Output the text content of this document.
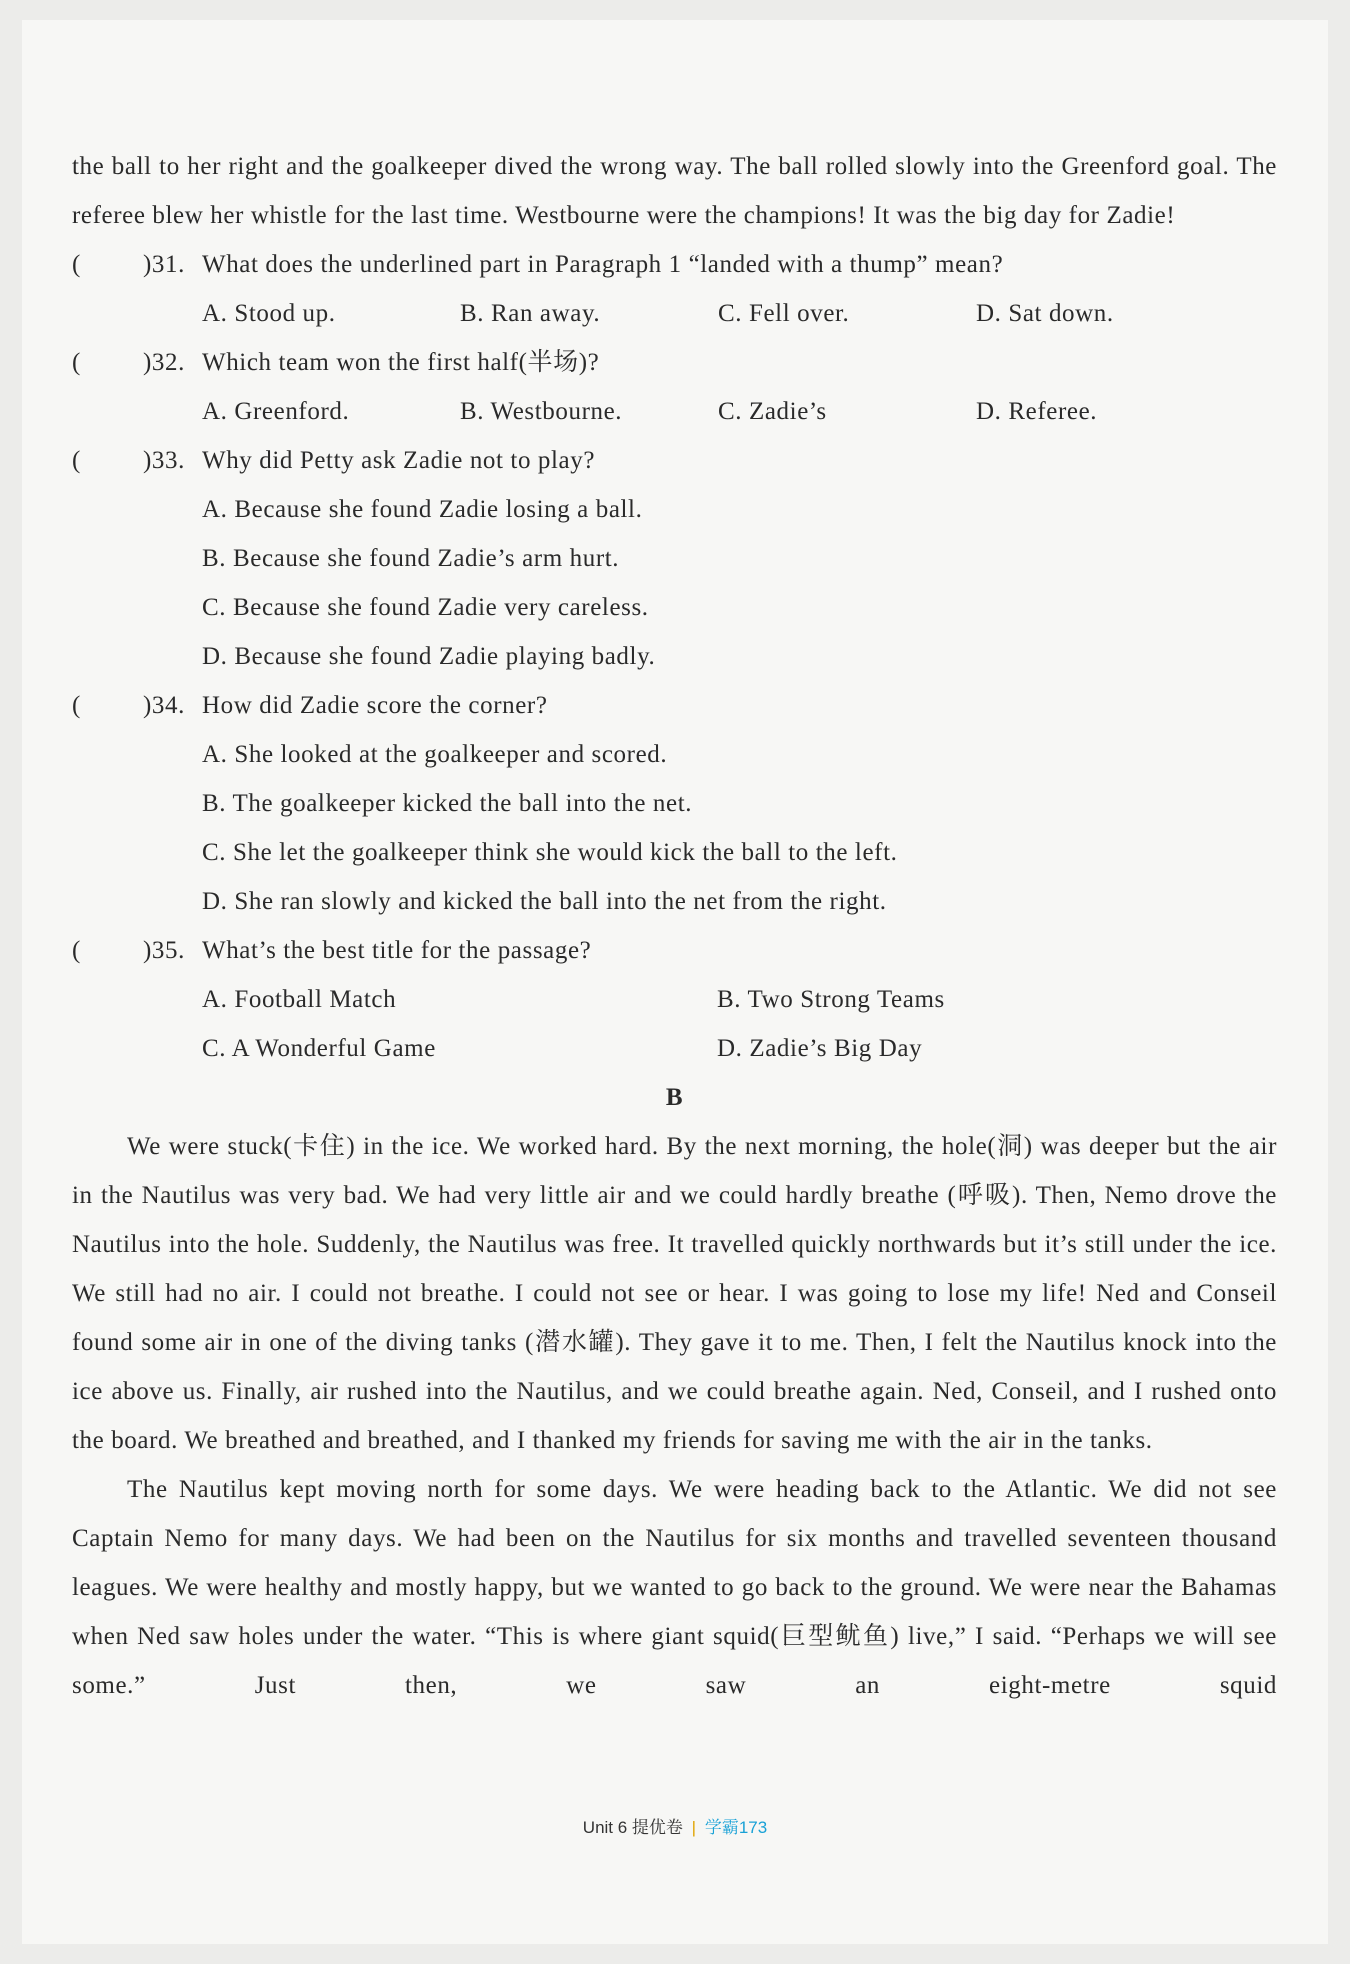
the ball to her right and the goalkeeper dived the wrong way. The ball rolled slowly into the Greenford goal. The referee blew her whistle for the last time. Westbourne were the champions! It was the big day for Zadie!
( )31. What does the underlined part in Paragraph 1 “landed with a thump” mean?
A. Stood up.	B. Ran away.	C. Fell over.	D. Sat down.
( )32. Which team won the first half(半场)?
A. Greenford.	B. Westbourne.	C. Zadie’s	D. Referee.
( )33. Why did Petty ask Zadie not to play?
A. Because she found Zadie losing a ball.
B. Because she found Zadie’s arm hurt.
C. Because she found Zadie very careless.
D. Because she found Zadie playing badly.
( )34. How did Zadie score the corner?
A. She looked at the goalkeeper and scored.
B. The goalkeeper kicked the ball into the net.
C. She let the goalkeeper think she would kick the ball to the left.
D. She ran slowly and kicked the ball into the net from the right.
( )35. What’s the best title for the passage?
A. Football Match	B. Two Strong Teams
C. A Wonderful Game	D. Zadie’s Big Day
B
We were stuck(卡住) in the ice. We worked hard. By the next morning, the hole(洞) was deeper but the air in the Nautilus was very bad. We had very little air and we could hardly breathe (呼吸). Then, Nemo drove the Nautilus into the hole. Suddenly, the Nautilus was free. It travelled quickly northwards but it’s still under the ice. We still had no air. I could not breathe. I could not see or hear. I was going to lose my life! Ned and Conseil found some air in one of the diving tanks (潜水罐). They gave it to me. Then, I felt the Nautilus knock into the ice above us. Finally, air rushed into the Nautilus, and we could breathe again. Ned, Conseil, and I rushed onto the board. We breathed and breathed, and I thanked my friends for saving me with the air in the tanks.
The Nautilus kept moving north for some days. We were heading back to the Atlantic. We did not see Captain Nemo for many days. We had been on the Nautilus for six months and travelled seventeen thousand leagues. We were healthy and mostly happy, but we wanted to go back to the ground. We were near the Bahamas when Ned saw holes under the water. “This is where giant squid(巨型鱿鱼) live,” I said. “Perhaps we will see some.” Just then, we saw an eight-metre squid
Unit 6 提优卷 | 学霸173
